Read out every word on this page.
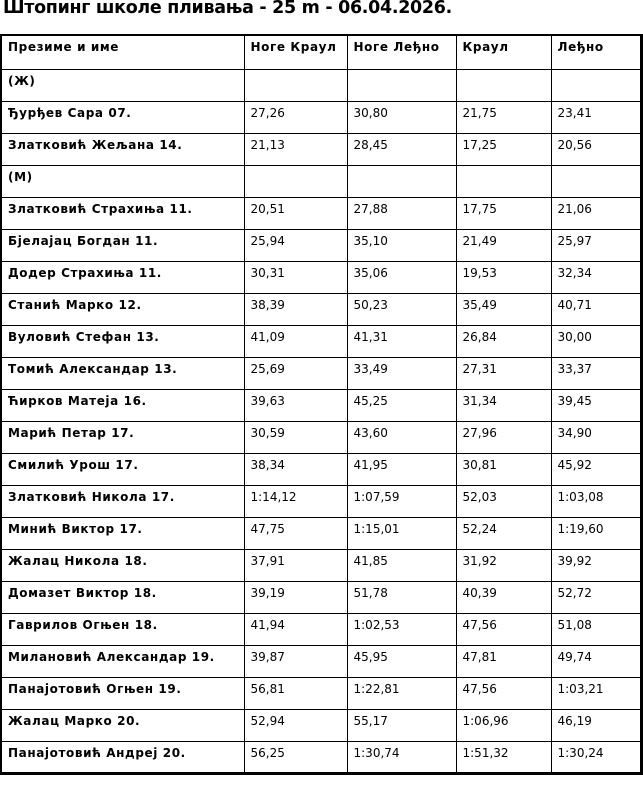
Штопинг школе пливања - 25 m - 06.04.2026.
Презиме и име	Ноге Краул	Ноге Леђно	Краул	Леђно
(Ж)				
Ђурђев Сара 07.	27,26	30,80	21,75	23,41
Златковић Жељана 14.	21,13	28,45	17,25	20,56
(М)				
Златковић Страхиња 11.	20,51	27,88	17,75	21,06
Бјелајац Богдан 11.	25,94	35,10	21,49	25,97
Додер Страхиња 11.	30,31	35,06	19,53	32,34
Станић Марко 12.	38,39	50,23	35,49	40,71
Вуловић Стефан 13.	41,09	41,31	26,84	30,00
Томић Александар 13.	25,69	33,49	27,31	33,37
Ћирков Матеја 16.	39,63	45,25	31,34	39,45
Марић Петар 17.	30,59	43,60	27,96	34,90
Смилић Урош 17.	38,34	41,95	30,81	45,92
Златковић Никола 17.	1:14,12	1:07,59	52,03	1:03,08
Минић Виктор 17.	47,75	1:15,01	52,24	1:19,60
Жалац Никола 18.	37,91	41,85	31,92	39,92
Домазет Виктор 18.	39,19	51,78	40,39	52,72
Гаврилов Огњен 18.	41,94	1:02,53	47,56	51,08
Милановић Александар 19.	39,87	45,95	47,81	49,74
Панајотовић Огњен 19.	56,81	1:22,81	47,56	1:03,21
Жалац Марко 20.	52,94	55,17	1:06,96	46,19
Панајотовић Андреј 20.	56,25	1:30,74	1:51,32	1:30,24
